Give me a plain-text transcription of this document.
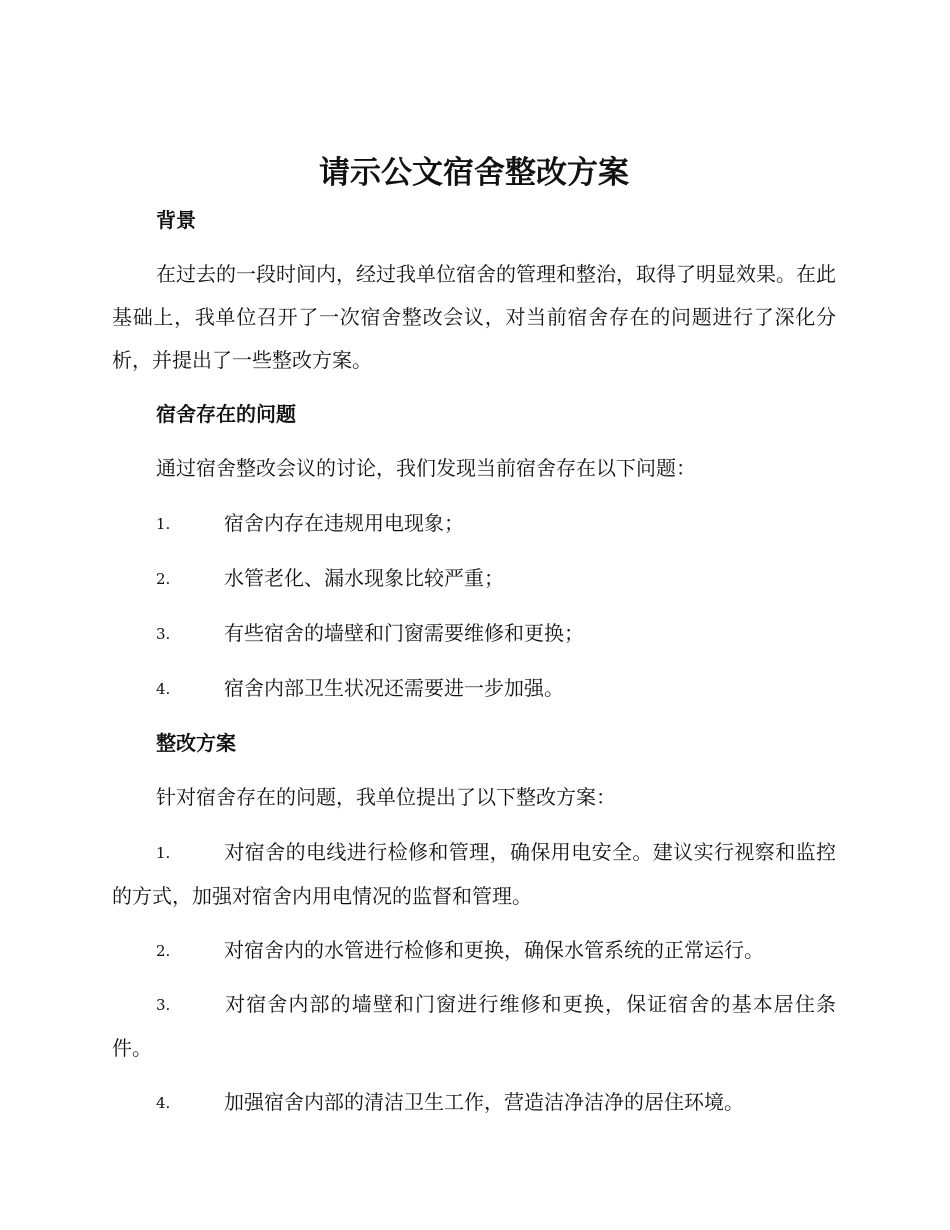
请示公文宿舍整改方案
背景

在过去的一段时间内，经过我单位宿舍的管理和整治，取得了明显效果。在此基础上，我单位召开了一次宿舍整改会议，对当前宿舍存在的问题进行了深化分析，并提出了一些整改方案。

宿舍存在的问题

通过宿舍整改会议的讨论，我们发现当前宿舍存在以下问题：

1.	宿舍内存在违规用电现象；

2.	水管老化、漏水现象比较严重；

3.	有些宿舍的墙壁和门窗需要维修和更换；

4.	宿舍内部卫生状况还需要进一步加强。

整改方案

针对宿舍存在的问题，我单位提出了以下整改方案：

1.	对宿舍的电线进行检修和管理，确保用电安全。建议实行视察和监控的方式，加强对宿舍内用电情况的监督和管理。

2.	对宿舍内的水管进行检修和更换，确保水管系统的正常运行。

3.	对宿舍内部的墙壁和门窗进行维修和更换，保证宿舍的基本居住条件。

4.	加强宿舍内部的清洁卫生工作，营造洁净洁净的居住环境。
